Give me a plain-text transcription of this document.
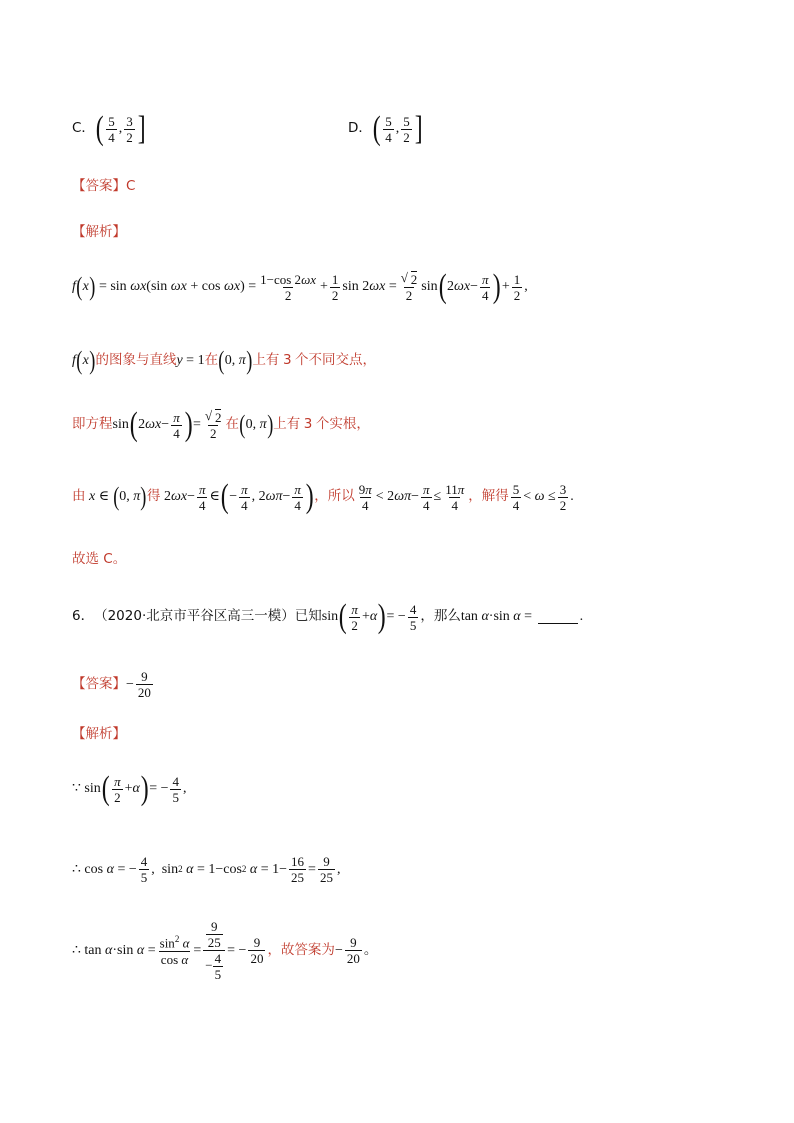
C． ( $\frac{5}{4}$ , $\frac{3}{2}$ ]	D． ( $\frac{5}{4}$ , $\frac{5}{2}$ ]
【答案】C
【解析】
f ( x ) = sin ωx (sin ωx + cos ωx ) = $\frac{1-\cos 2\omega x}{2} + \frac{1}{2}$ sin 2 ωx = √ $\frac{2}{2}$ sin ( 2 $\omega x - \frac{\pi}{4}$ ) + $\frac{1}{2}$ ,
f ( x ) 的图象与直线 y = 1 在 ( 0, π ) 上有
3
个不同交点，
即方程 sin ( 2 $\omega x - \frac{\pi}{4}$ ) = √ $\frac{2}{2}$ 在 ( 0, π ) 上有
3
个实根，
由
x ∈ ( 0, π ) 得 2 $\omega x - \frac{\pi}{4}$ ∈ ( − $\frac{\pi}{4}$ , 2 $\omega\pi - \frac{\pi}{4}$ ) ，所以 $\frac{9\pi}{4} < 2$ $\omega\pi - \frac{\pi}{4} \le \frac{11\pi}{4}$ ，解得 $\frac{5}{4} < \omega \le \frac{3}{2}$ .
故选 C。
6． （2020·北京市平谷区高三一模）已知 sin ( $\frac{\pi}{2} + \alpha$ ) = − $\frac{4}{5}$ ，那么 tan α ·sin α =	.
【答案】 − $\frac{9}{20}$
【解析】
∵ sin ( $\frac{\pi}{2} + \alpha$ ) = − $\frac{4}{5}$ ,
∴ cos α = − $\frac{4}{5}$ ,  sin 2
α = 1−cos 2
$\alpha = 1- \frac{16}{25} = \frac{9}{25}$ ,
∴ tan α ·sin $\alpha = \frac{\sin^2 \alpha}{\text{cos α}} = \frac{\frac{9}{25}}{- \frac{4}{5}}$ = − $\frac{9}{20}$ ，故答案为 − $\frac{9}{20}$ 。
